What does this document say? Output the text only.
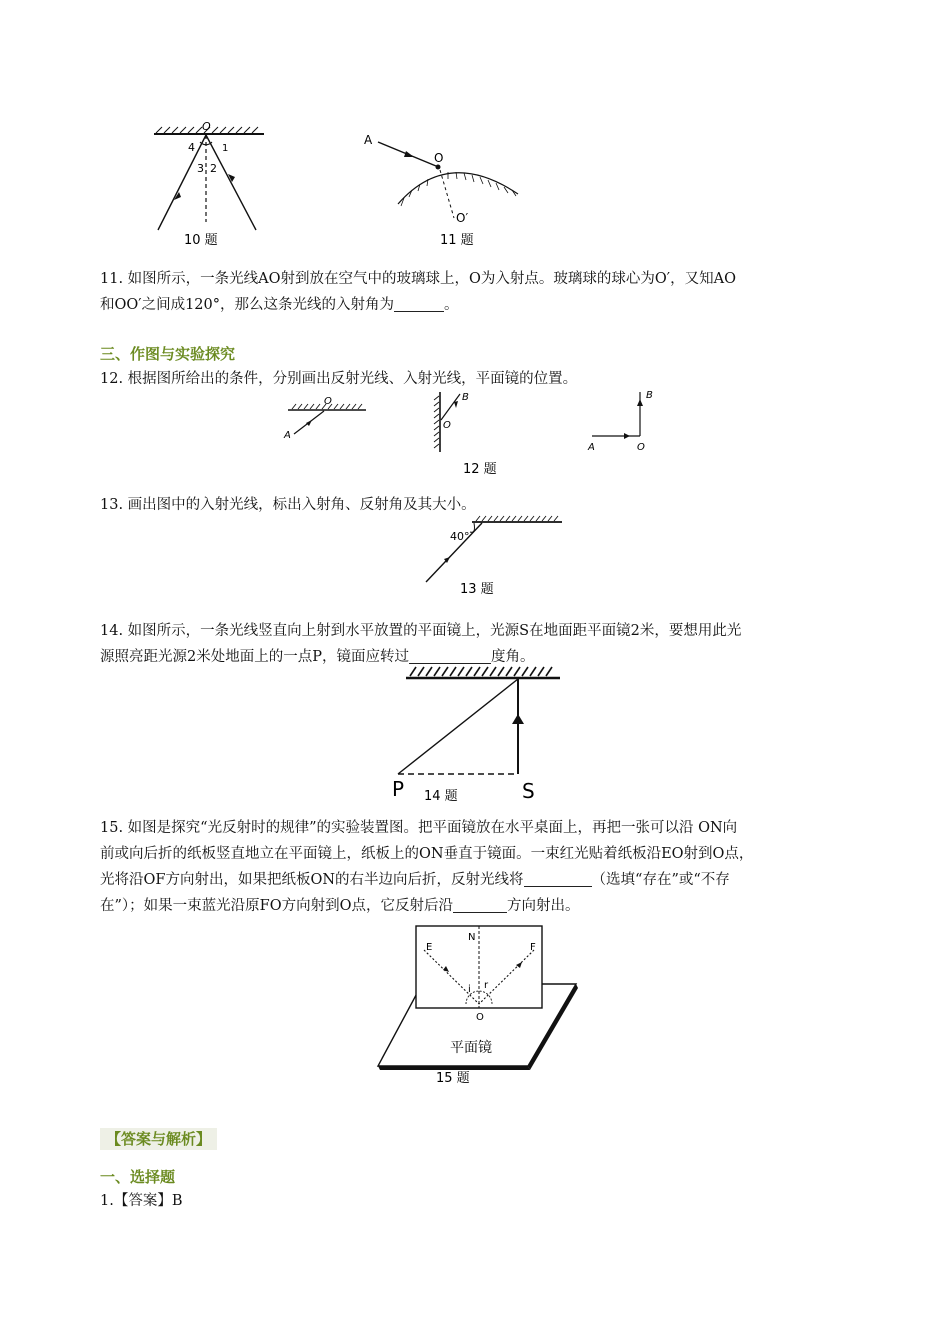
O
4	1
3 2
10 题
A
O
O′
11 题
11. 如图所示，一条光线AO射到放在空气中的玻璃球上，O为入射点。玻璃球的球心为O′，又知AO
和OO′之间成120°，那么这条光线的入射角为	。
三、作图与实验探究
12. 根据图所给出的条件，分别画出反射光线、入射光线，平面镜的位置。
O
A
B
O
B
A	O
12 题
13. 画出图中的入射光线，标出入射角、反射角及其大小。
40°
13 题
14. 如图所示，一条光线竖直向上射到水平放置的平面镜上，光源S在地面距平面镜2米，要想用此光
源照亮距光源2米处地面上的一点P，镜面应转过	度角。
P	S
14 题
15. 如图是探究“光反射时的规律”的实验装置图。把平面镜放在水平桌面上，再把一张可以沿 ON向
前或向后折的纸板竖直地立在平面镜上，纸板上的ON垂直于镜面。一束红光贴着纸板沿EO射到O点，
光将沿OF方向射出，如果把纸板ON的右半边向后折，反射光线将	（选填“存在”或“不存
在”）；如果一束蓝光沿原FO方向射到O点，它反射后沿	方向射出。
E
N
F
i r
O
平面镜
15 题
【答案与解析】
一、选择题
1.【答案】B
